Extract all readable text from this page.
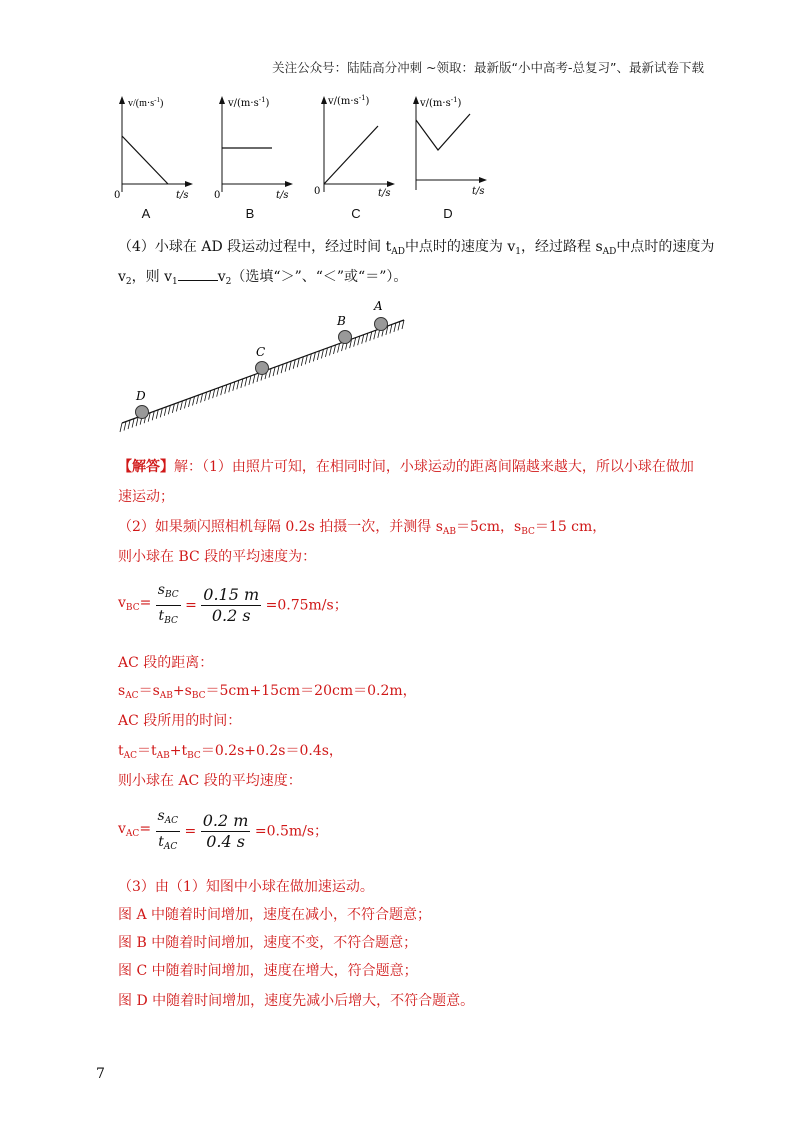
关注公众号：陆陆高分冲刺 ~领取：最新版“小中高考-总复习”、最新试卷下载
$v/(m\cdot s^{-1})$
0	t/s
A
$v/(m\cdot s^{-1})$
0	t/s
B
$v/(m\cdot s^{-1})$
0	t/s
C
$v/(m\cdot s^{-1})$
t/s
D
（4）小球在 AD 段运动过程中，经过时间 $t_{AD}$中点时的速度为 $v_1$，经过路程 $s_{AD}$中点时的速度为
$v_2$，则 $v_1$	$v_2$（选填“＞”、“＜”或“＝”）。
A
B
C
D
【解答】解：（1）由照片可知，在相同时间，小球运动的距离间隔越来越大，所以小球在做加
速运动；
（2）如果频闪照相机每隔 0.2s 拍摄一次，并测得 $s_{AB}=5cm$，$s_{BC}=15$ cm，
则小球在 BC 段的平均速度为：
$v_{BC}= \frac{s_{BC}}{t_{BC}} = \frac{0.15 m}{0.2 s} =0.75m/s$；
AC 段的距离：
$s_{AC}=s_{AB}+s_{BC}=5cm+15cm=20cm=0.2m$，
AC 段所用的时间：
$t_{AC}=t_{AB}+t_{BC}=0.2s+0.2s=0.4s$，
则小球在 AC 段的平均速度：
$v_{AC}= \frac{s_{AC}}{t_{AC}} = \frac{0.2 m}{0.4 s} =0.5m/s$；
（3）由（1）知图中小球在做加速运动。
图 A 中随着时间增加，速度在减小，不符合题意；
图 B 中随着时间增加，速度不变，不符合题意；
图 C 中随着时间增加，速度在增大，符合题意；
图 D 中随着时间增加，速度先减小后增大，不符合题意。
7
